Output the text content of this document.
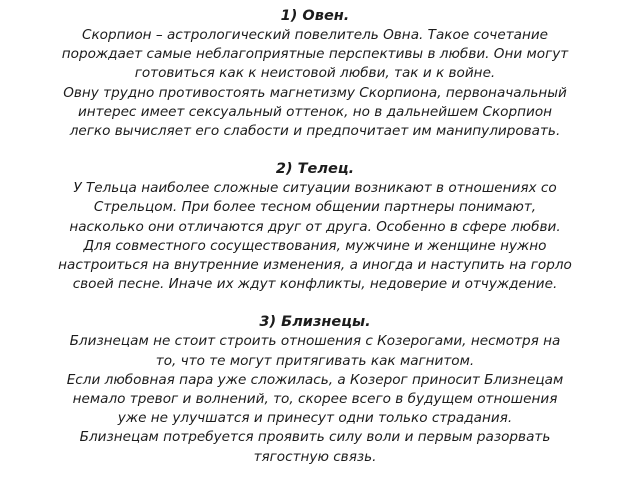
1) Овен.

Скорпион – астрологический повелитель Овна. Такое сочетание

порождает самые неблагоприятные перспективы в любви. Они могут

готовиться как к неистовой любви, так и к войне.

Овну трудно противостоять магнетизму Скорпиона, первоначальный

интерес имеет сексуальный оттенок, но в дальнейшем Скорпион

легко вычисляет его слабости и предпочитает им манипулировать.

2) Телец.

У Тельца наиболее сложные ситуации возникают в отношениях со

Стрельцом. При более тесном общении партнеры понимают,

насколько они отличаются друг от друга. Особенно в сфере любви.

Для совместного сосуществования, мужчине и женщине нужно

настроиться на внутренние изменения, а иногда и наступить на горло

своей песне. Иначе их ждут конфликты, недоверие и отчуждение.

3) Близнецы.

Близнецам не стоит строить отношения с Козерогами, несмотря на

то, что те могут притягивать как магнитом.

Если любовная пара уже сложилась, а Козерог приносит Близнецам

немало тревог и волнений, то, скорее всего в будущем отношения

уже не улучшатся и принесут одни только страдания.

Близнецам потребуется проявить силу воли и первым разорвать

тягостную связь.
